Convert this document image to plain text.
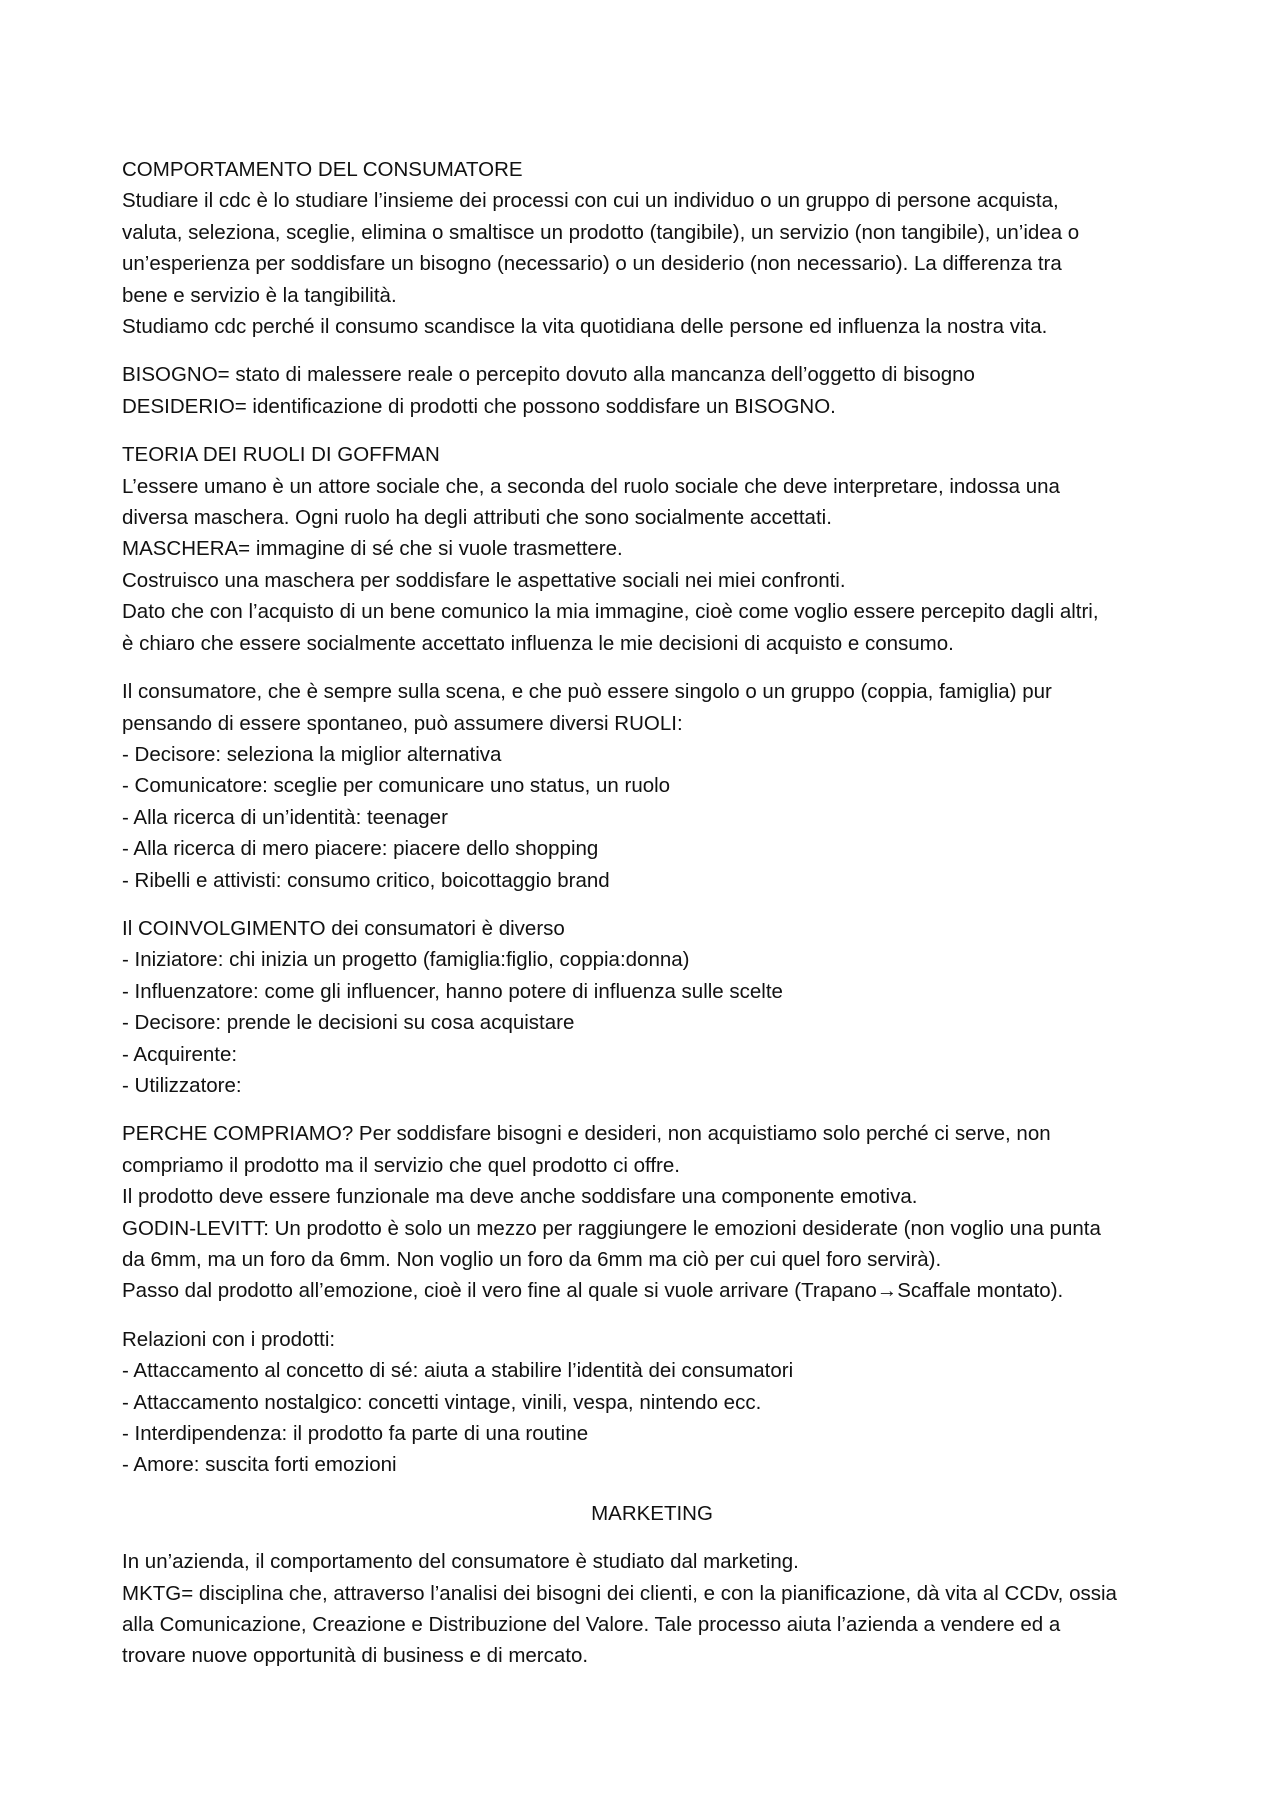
COMPORTAMENTO DEL CONSUMATORE
Studiare il cdc è lo studiare l’insieme dei processi con cui un individuo o un gruppo di persone acquista,
valuta, seleziona, sceglie, elimina o smaltisce un prodotto (tangibile), un servizio (non tangibile), un’idea o
un’esperienza per soddisfare un bisogno (necessario) o un desiderio (non necessario). La differenza tra
bene e servizio è la tangibilità.
Studiamo cdc perché il consumo scandisce la vita quotidiana delle persone ed influenza la nostra vita.
BISOGNO= stato di malessere reale o percepito dovuto alla mancanza dell’oggetto di bisogno
DESIDERIO= identificazione di prodotti che possono soddisfare un BISOGNO.
TEORIA DEI RUOLI DI GOFFMAN
L’essere umano è un attore sociale che, a seconda del ruolo sociale che deve interpretare, indossa una
diversa maschera. Ogni ruolo ha degli attributi che sono socialmente accettati.
MASCHERA= immagine di sé che si vuole trasmettere.
Costruisco una maschera per soddisfare le aspettative sociali nei miei confronti.
Dato che con l’acquisto di un bene comunico la mia immagine, cioè come voglio essere percepito dagli altri,
è chiaro che essere socialmente accettato influenza le mie decisioni di acquisto e consumo.
Il consumatore, che è sempre sulla scena, e che può essere singolo o un gruppo (coppia, famiglia) pur
pensando di essere spontaneo, può assumere diversi RUOLI:
- Decisore: seleziona la miglior alternativa
- Comunicatore: sceglie per comunicare uno status, un ruolo
- Alla ricerca di un’identità: teenager
- Alla ricerca di mero piacere: piacere dello shopping
- Ribelli e attivisti: consumo critico, boicottaggio brand
Il COINVOLGIMENTO dei consumatori è diverso
- Iniziatore: chi inizia un progetto (famiglia:figlio, coppia:donna)
- Influenzatore: come gli influencer, hanno potere di influenza sulle scelte
- Decisore: prende le decisioni su cosa acquistare
- Acquirente:
- Utilizzatore:
PERCHE COMPRIAMO? Per soddisfare bisogni e desideri, non acquistiamo solo perché ci serve, non
compriamo il prodotto ma il servizio che quel prodotto ci offre.
Il prodotto deve essere funzionale ma deve anche soddisfare una componente emotiva.
GODIN-LEVITT: Un prodotto è solo un mezzo per raggiungere le emozioni desiderate (non voglio una punta
da 6mm, ma un foro da 6mm. Non voglio un foro da 6mm ma ciò per cui quel foro servirà).
Passo dal prodotto all’emozione, cioè il vero fine al quale si vuole arrivare (Trapano→Scaffale montato).
Relazioni con i prodotti:
- Attaccamento al concetto di sé: aiuta a stabilire l’identità dei consumatori
- Attaccamento nostalgico: concetti vintage, vinili, vespa, nintendo ecc.
- Interdipendenza: il prodotto fa parte di una routine
- Amore: suscita forti emozioni
MARKETING
In un’azienda, il comportamento del consumatore è studiato dal marketing.
MKTG= disciplina che, attraverso l’analisi dei bisogni dei clienti, e con la pianificazione, dà vita al CCDv, ossia
alla Comunicazione, Creazione e Distribuzione del Valore. Tale processo aiuta l’azienda a vendere ed a
trovare nuove opportunità di business e di mercato.
